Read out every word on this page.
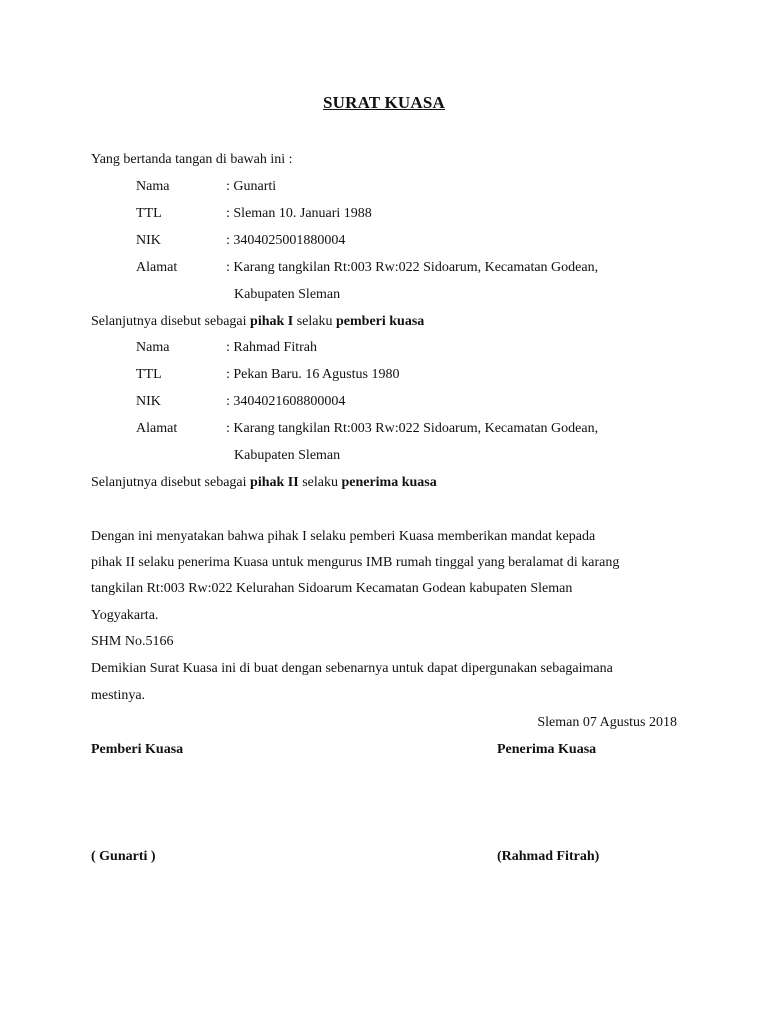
SURAT KUASA
Yang bertanda tangan di bawah ini :
Nama	: Gunarti
TTL	: Sleman 10. Januari 1988
NIK	: 3404025001880004
Alamat	: Karang tangkilan Rt:003 Rw:022 Sidoarum, Kecamatan Godean,
Kabupaten Sleman
Selanjutnya disebut sebagai pihak I selaku pemberi kuasa
Nama	: Rahmad Fitrah
TTL	: Pekan Baru. 16 Agustus 1980
NIK	: 3404021608800004
Alamat	: Karang tangkilan Rt:003 Rw:022 Sidoarum, Kecamatan Godean,
Kabupaten Sleman
Selanjutnya disebut sebagai pihak II selaku penerima kuasa
Dengan ini menyatakan bahwa pihak I selaku pemberi Kuasa memberikan mandat kepada
pihak II selaku penerima Kuasa untuk mengurus IMB rumah tinggal yang beralamat di karang
tangkilan Rt:003 Rw:022 Kelurahan Sidoarum Kecamatan Godean kabupaten Sleman
Yogyakarta.
SHM No.5166
Demikian Surat Kuasa ini di buat dengan sebenarnya untuk dapat dipergunakan sebagaimana
mestinya.
Sleman 07 Agustus 2018
Pemberi Kuasa	Penerima Kuasa
( Gunarti )	(Rahmad Fitrah)
